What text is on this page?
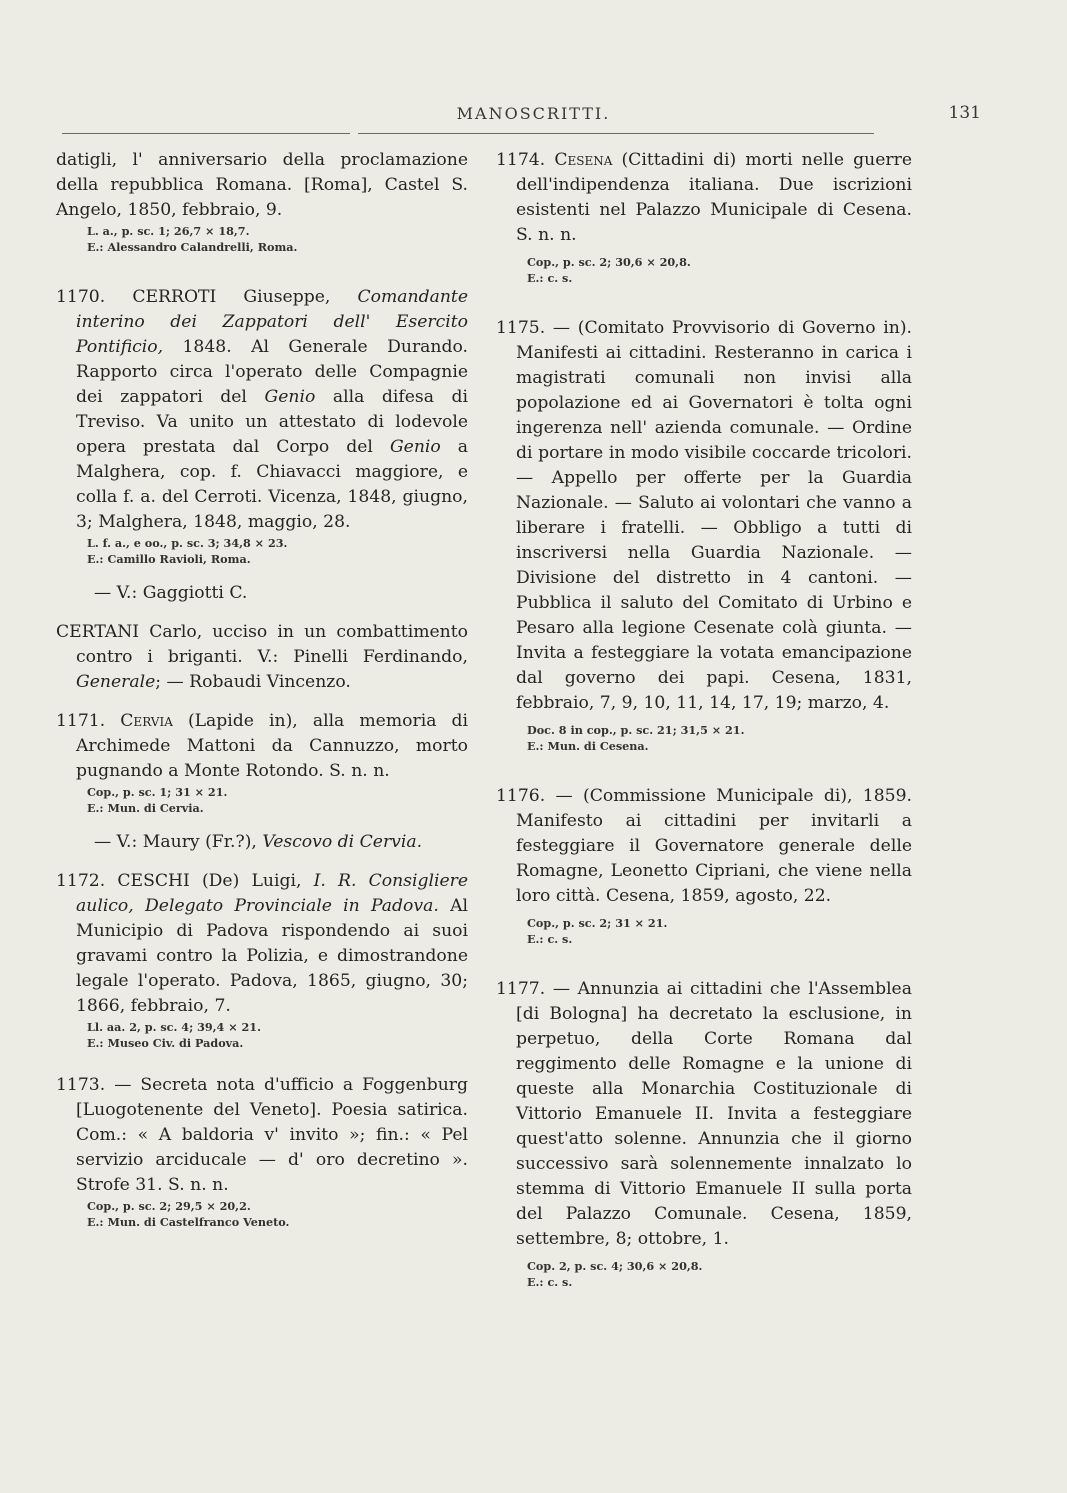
MANOSCRITTI.	131

datigli, l' anniversario della proclamazione della repubblica Romana. [Roma], Castel S. Angelo, 1850, febbraio, 9.

L. a., p. sc. 1; 26,7 × 18,7.

E.: Alessandro Calandrelli, Roma.

1170. CERROTI Giuseppe, Comandante interino dei Zappatori dell' Esercito Pontificio, 1848. Al Generale Durando. Rapporto circa l'operato delle Compagnie dei zappatori del Genio alla difesa di Treviso. Va unito un attestato di lodevole opera prestata dal Corpo del Genio a Malghera, cop. f. Chiavacci maggiore, e colla f. a. del Cerroti. Vicenza, 1848, giugno, 3; Malghera, 1848, maggio, 28.

L. f. a., e oo., p. sc. 3; 34,8 × 23.

E.: Camillo Ravioli, Roma.

— V.: Gaggiotti C.

CERTANI Carlo, ucciso in un combattimento contro i briganti. V.: Pinelli Ferdinando, Generale; — Robaudi Vincenzo.

1171. Cervia (Lapide in), alla memoria di Archimede Mattoni da Cannuzzo, morto pugnando a Monte Rotondo. S. n. n.

Cop., p. sc. 1; 31 × 21.

E.: Mun. di Cervia.

— V.: Maury (Fr.?), Vescovo di Cervia.

1172. CESCHI (De) Luigi, I. R. Consigliere aulico, Delegato Provinciale in Padova. Al Municipio di Padova rispondendo ai suoi gravami contro la Polizia, e dimostrandone legale l'operato. Padova, 1865, giugno, 30; 1866, febbraio, 7.

Ll. aa. 2, p. sc. 4; 39,4 × 21.

E.: Museo Civ. di Padova.

1173. — Secreta nota d'ufficio a Foggenburg [Luogotenente del Veneto]. Poesia satirica. Com.: « A baldoria v' invito »; fin.: « Pel servizio arciducale — d' oro decretino ». Strofe 31. S. n. n.

Cop., p. sc. 2; 29,5 × 20,2.

E.: Mun. di Castelfranco Veneto.

1174. Cesena (Cittadini di) morti nelle guerre dell'indipendenza italiana. Due iscrizioni esistenti nel Palazzo Municipale di Cesena. S. n. n.

Cop., p. sc. 2; 30,6 × 20,8.

E.: c. s.

1175. — (Comitato Provvisorio di Governo in). Manifesti ai cittadini. Resteranno in carica i magistrati comunali non invisi alla popolazione ed ai Governatori è tolta ogni ingerenza nell' azienda comunale. — Ordine di portare in modo visibile coccarde tricolori. — Appello per offerte per la Guardia Nazionale. — Saluto ai volontari che vanno a liberare i fratelli. — Obbligo a tutti di inscriversi nella Guardia Nazionale. — Divisione del distretto in 4 cantoni. — Pubblica il saluto del Comitato di Urbino e Pesaro alla legione Cesenate colà giunta. — Invita a festeggiare la votata emancipazione dal governo dei papi. Cesena, 1831, febbraio, 7, 9, 10, 11, 14, 17, 19; marzo, 4.

Doc. 8 in cop., p. sc. 21; 31,5 × 21.

E.: Mun. di Cesena.

1176. — (Commissione Municipale di), 1859. Manifesto ai cittadini per invitarli a festeggiare il Governatore generale delle Romagne, Leonetto Cipriani, che viene nella loro città. Cesena, 1859, agosto, 22.

Cop., p. sc. 2; 31 × 21.

E.: c. s.

1177. — Annunzia ai cittadini che l'Assemblea [di Bologna] ha decretato la esclusione, in perpetuo, della Corte Romana dal reggimento delle Romagne e la unione di queste alla Monarchia Costituzionale di Vittorio Emanuele II. Invita a festeggiare quest'atto solenne. Annunzia che il giorno successivo sarà solennemente innalzato lo stemma di Vittorio Emanuele II sulla porta del Palazzo Comunale. Cesena, 1859, settembre, 8; ottobre, 1.

Cop. 2, p. sc. 4; 30,6 × 20,8.

E.: c. s.
